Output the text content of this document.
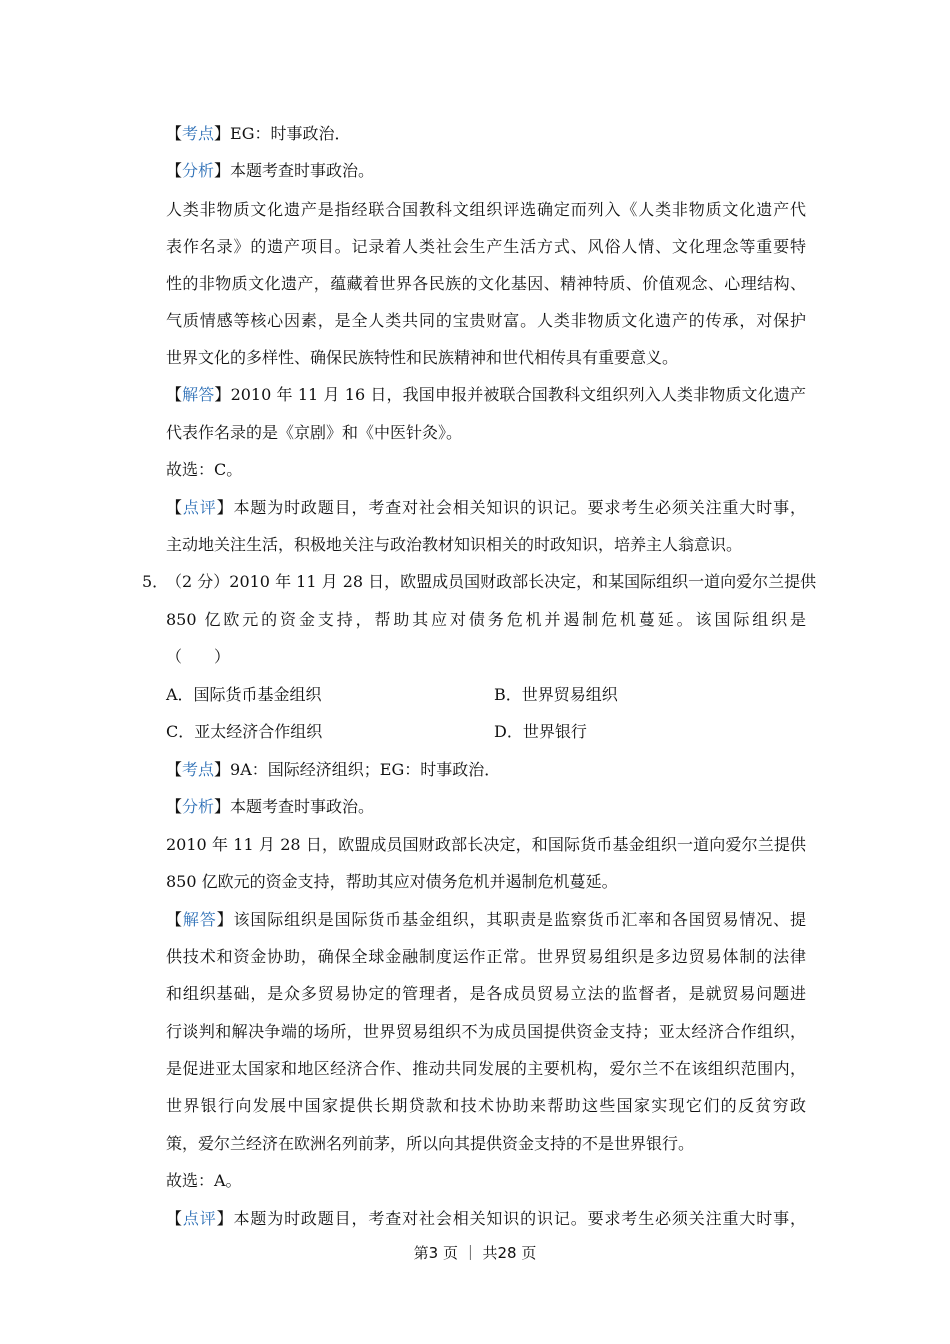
【考点】EG：时事政治．
【分析】本题考查时事政治。
人类非物质文化遗产是指经联合国教科文组织评选确定而列入《人类非物质文化遗产代
表作名录》的遗产项目。记录着人类社会生产生活方式、风俗人情、文化理念等重要特
性的非物质文化遗产，蕴藏着世界各民族的文化基因、精神特质、价值观念、心理结构、
气质情感等核心因素，是全人类共同的宝贵财富。人类非物质文化遗产的传承，对保护
世界文化的多样性、确保民族特性和民族精神和世代相传具有重要意义。
【解答】2010 年 11 月 16 日，我国申报并被联合国教科文组织列入人类非物质文化遗产
代表作名录的是《京剧》和《中医针灸》。
故选：C。
【点评】本题为时政题目，考查对社会相关知识的识记。要求考生必须关注重大时事，
主动地关注生活，积极地关注与政治教材知识相关的时政知识，培养主人翁意识。
5．
（2 分）2010 年 11 月 28 日，欧盟成员国财政部长决定，和某国际组织一道向爱尔兰提供
850 亿欧元的资金支持，帮助其应对债务危机并遏制危机蔓延。该国际组织是
（　　）
A．国际货币基金组织	B．世界贸易组织
C．亚太经济合作组织	D．世界银行
【考点】9A：国际经济组织；EG：时事政治．
【分析】本题考查时事政治。
2010 年 11 月 28 日，欧盟成员国财政部长决定，和国际货币基金组织一道向爱尔兰提供
850 亿欧元的资金支持，帮助其应对债务危机并遏制危机蔓延。
【解答】该国际组织是国际货币基金组织，其职责是监察货币汇率和各国贸易情况、提
供技术和资金协助，确保全球金融制度运作正常。世界贸易组织是多边贸易体制的法律
和组织基础，是众多贸易协定的管理者，是各成员贸易立法的监督者，是就贸易问题进
行谈判和解决争端的场所，世界贸易组织不为成员国提供资金支持；亚太经济合作组织，
是促进亚太国家和地区经济合作、推动共同发展的主要机构，爱尔兰不在该组织范围内，
世界银行向发展中国家提供长期贷款和技术协助来帮助这些国家实现它们的反贫穷政
策，爱尔兰经济在欧洲名列前茅，所以向其提供资金支持的不是世界银行。
故选：A。
【点评】本题为时政题目，考查对社会相关知识的识记。要求考生必须关注重大时事，
第3 页 ｜ 共28 页
